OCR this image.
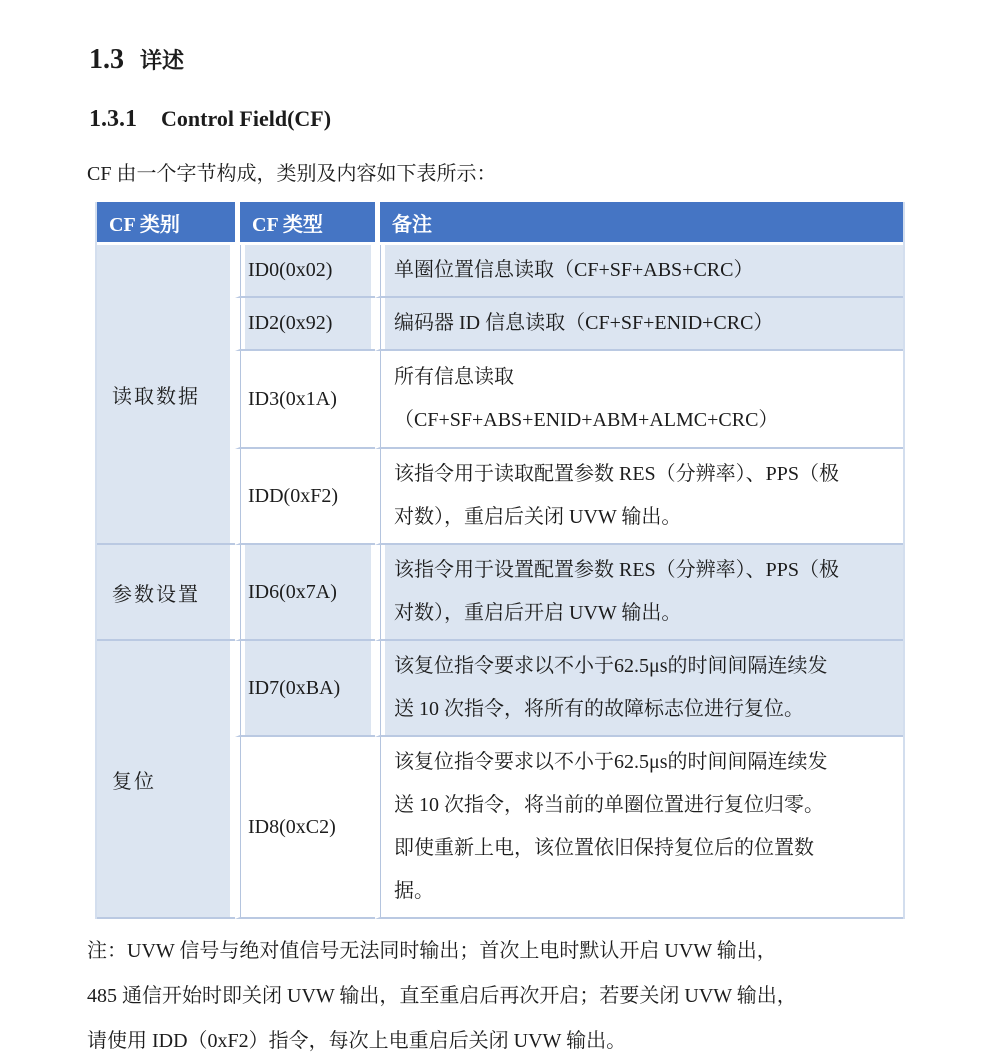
1.3 详述
1.3.1 Control Field(CF)

CF 由一个字节构成，类别及内容如下表所示：

CF 类别	CF 类型	备注
读取数据	ID0(0x02)	单圈位置信息读取（CF+SF+ABS+CRC）

	ID2(0x92)	编码器 ID 信息读取（CF+SF+ENID+CRC）

	ID3(0x1A)	所有信息读取
（CF+SF+ABS+ENID+ABM+ALMC+CRC）

	IDD(0xF2)	该指令用于读取配置参数 RES（分辨率）、PPS（极
对数），重启后关闭 UVW 输出。

参数设置	ID6(0x7A)	该指令用于设置配置参数 RES（分辨率）、PPS（极
对数），重启后开启 UVW 输出。

复位	ID7(0xBA)	该复位指令要求以不小于62.5μs的时间间隔连续发
送 10 次指令，将所有的故障标志位进行复位。

	ID8(0xC2)	该复位指令要求以不小于62.5μs的时间间隔连续发
送 10 次指令，将当前的单圈位置进行复位归零。
即使重新上电，该位置依旧保持复位后的位置数
据。
注：UVW 信号与绝对值信号无法同时输出；首次上电时默认开启 UVW 输出，
485 通信开始时即关闭 UVW 输出，直至重启后再次开启；若要关闭 UVW 输出，
请使用 IDD（0xF2）指令，每次上电重启后关闭 UVW 输出。
